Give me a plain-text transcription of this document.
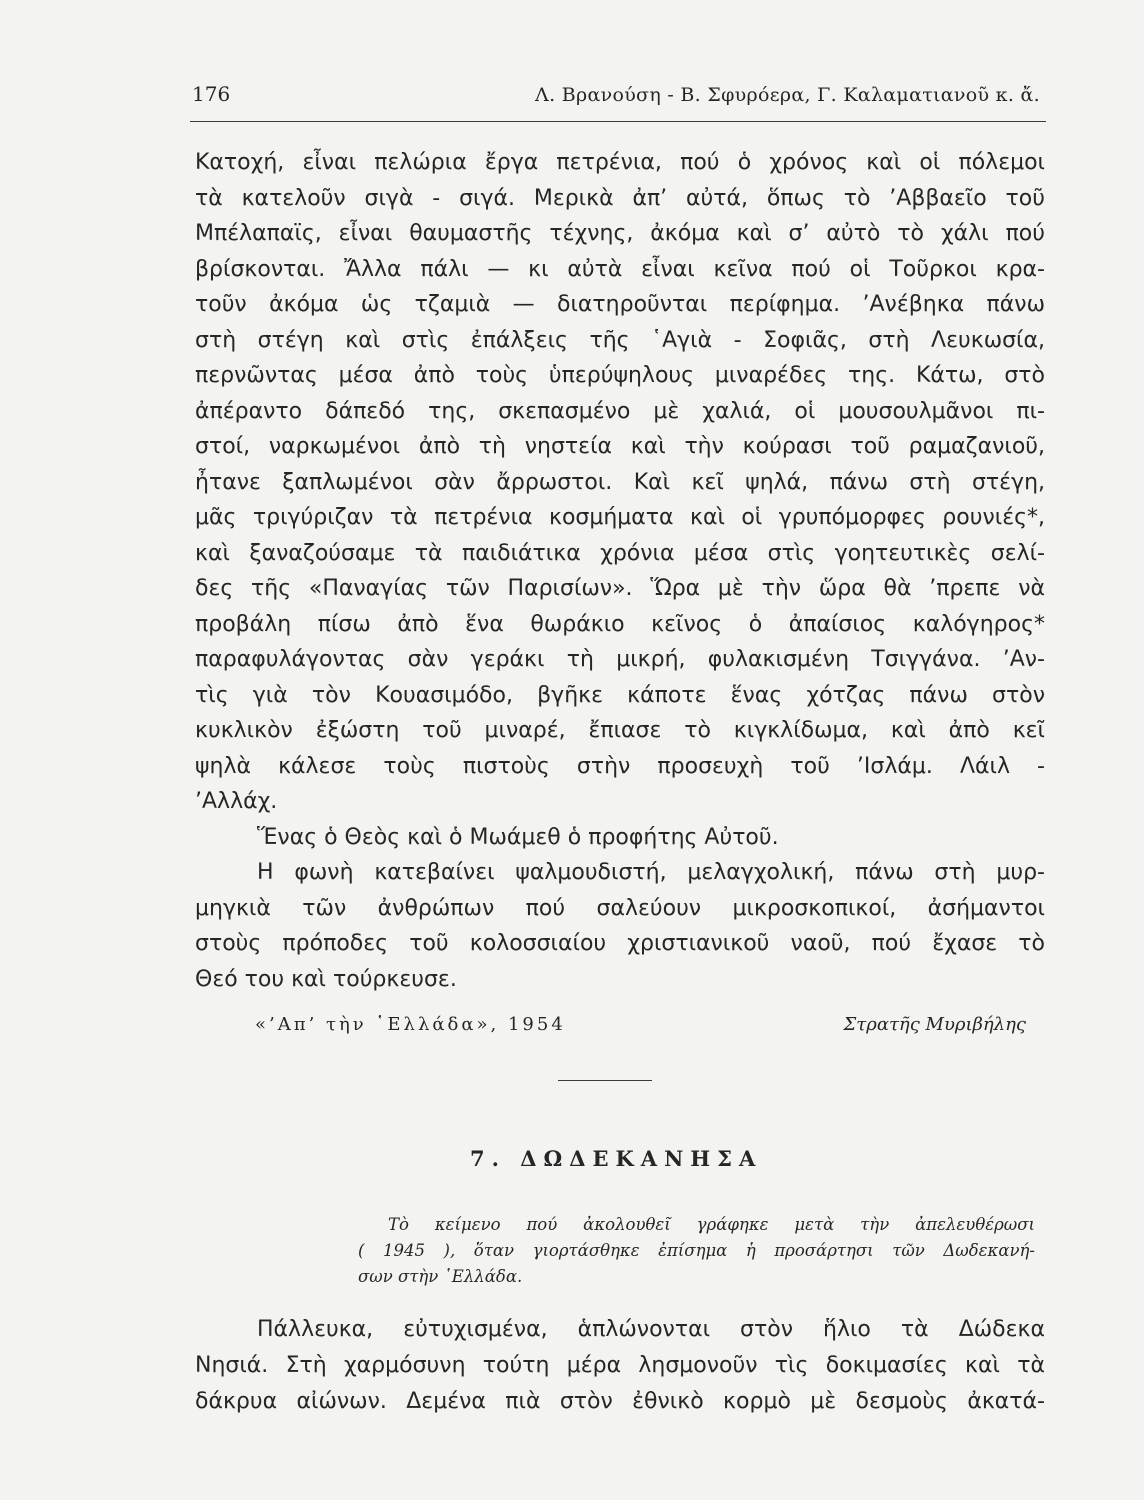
176	Λ. Βρανούση - Β. Σφυρόερα, Γ. Καλαματιανοῦ κ. ἄ.
Κατοχή, εἶναι πελώρια ἔργα πετρένια, πού ὁ χρόνος καὶ οἱ πόλεμοι
τὰ κατελοῦν σιγὰ - σιγά. Μερικὰ ἀπ’ αὐτά, ὅπως τὸ ’Αββαεῖο τοῦ
Μπέλαπαϊς, εἶναι θαυμαστῆς τέχνης, ἀκόμα καὶ σ’ αὐτὸ τὸ χάλι πού
βρίσκονται. Ἄλλα πάλι — κι αὐτὰ εἶναι κεῖνα πού οἱ Τοῦρκοι κρα-
τοῦν ἀκόμα ὡς τζαμιὰ — διατηροῦνται περίφημα. ’Ανέβηκα πάνω
στὴ στέγη καὶ στὶς ἐπάλξεις τῆς ῾Αγιὰ - Σοφιᾶς, στὴ Λευκωσία,
περνῶντας μέσα ἀπὸ τοὺς ὑπερύψηλους μιναρέδες της. Κάτω, στὸ
ἀπέραντο δάπεδό της, σκεπασμένο μὲ χαλιά, οἱ μουσουλμᾶνοι πι-
στοί, ναρκωμένοι ἀπὸ τὴ νηστεία καὶ τὴν κούρασι τοῦ ραμαζανιοῦ,
ἦτανε ξαπλωμένοι σὰν ἄρρωστοι. Καὶ κεῖ ψηλά, πάνω στὴ στέγη,
μᾶς τριγύριζαν τὰ πετρένια κοσμήματα καὶ οἱ γρυπόμορφες ρουνιές*,
καὶ ξαναζούσαμε τὰ παιδιάτικα χρόνια μέσα στὶς γοητευτικὲς σελί-
δες τῆς «Παναγίας τῶν Παρισίων». Ὥρα μὲ τὴν ὥρα θὰ ’πρεπε νὰ
προβάλη πίσω ἀπὸ ἕνα θωράκιο κεῖνος ὁ ἀπαίσιος καλόγηρος*
παραφυλάγοντας σὰν γεράκι τὴ μικρή, φυλακισμένη Τσιγγάνα. ’Αν-
τὶς γιὰ τὸν Κουασιμόδο, βγῆκε κάποτε ἕνας χότζας πάνω στὸν
κυκλικὸν ἐξώστη τοῦ μιναρέ, ἔπιασε τὸ κιγκλίδωμα, καὶ ἀπὸ κεῖ
ψηλὰ κάλεσε τοὺς πιστοὺς στὴν προσευχὴ τοῦ ’Ισλάμ. Λάιλ -
’Αλλάχ.
Ἕνας ὁ Θεὸς καὶ ὁ Μωάμεθ ὁ προφήτης Αὐτοῦ.
Η φωνὴ κατεβαίνει ψαλμουδιστή, μελαγχολική, πάνω στὴ μυρ-
μηγκιὰ τῶν ἀνθρώπων πού σαλεύουν μικροσκοπικοί, ἀσήμαντοι
στοὺς πρόποδες τοῦ κολοσσιαίου χριστιανικοῦ ναοῦ, πού ἔχασε τὸ
Θεό του καὶ τούρκευσε.
«’Απ’ τὴν ῾Ελλάδα», 1954	Στρατῆς Μυριβήλης
7. ΔΩΔΕΚΑΝΗΣΑ
Τὸ κείμενο πού ἀκολουθεῖ γράφηκε μετὰ τὴν ἀπελευθέρωσι
( 1945 ), ὅταν γιορτάσθηκε ἐπίσημα ἡ προσάρτησι τῶν Δωδεκανή-
σων στὴν ῾Ελλάδα.
Πάλλευκα, εὐτυχισμένα, ἁπλώνονται στὸν ἥλιο τὰ Δώδεκα
Νησιά. Στὴ χαρμόσυνη τούτη μέρα λησμονοῦν τὶς δοκιμασίες καὶ τὰ
δάκρυα αἰώνων. Δεμένα πιὰ στὸν ἐθνικὸ κορμὸ μὲ δεσμοὺς ἀκατά-
